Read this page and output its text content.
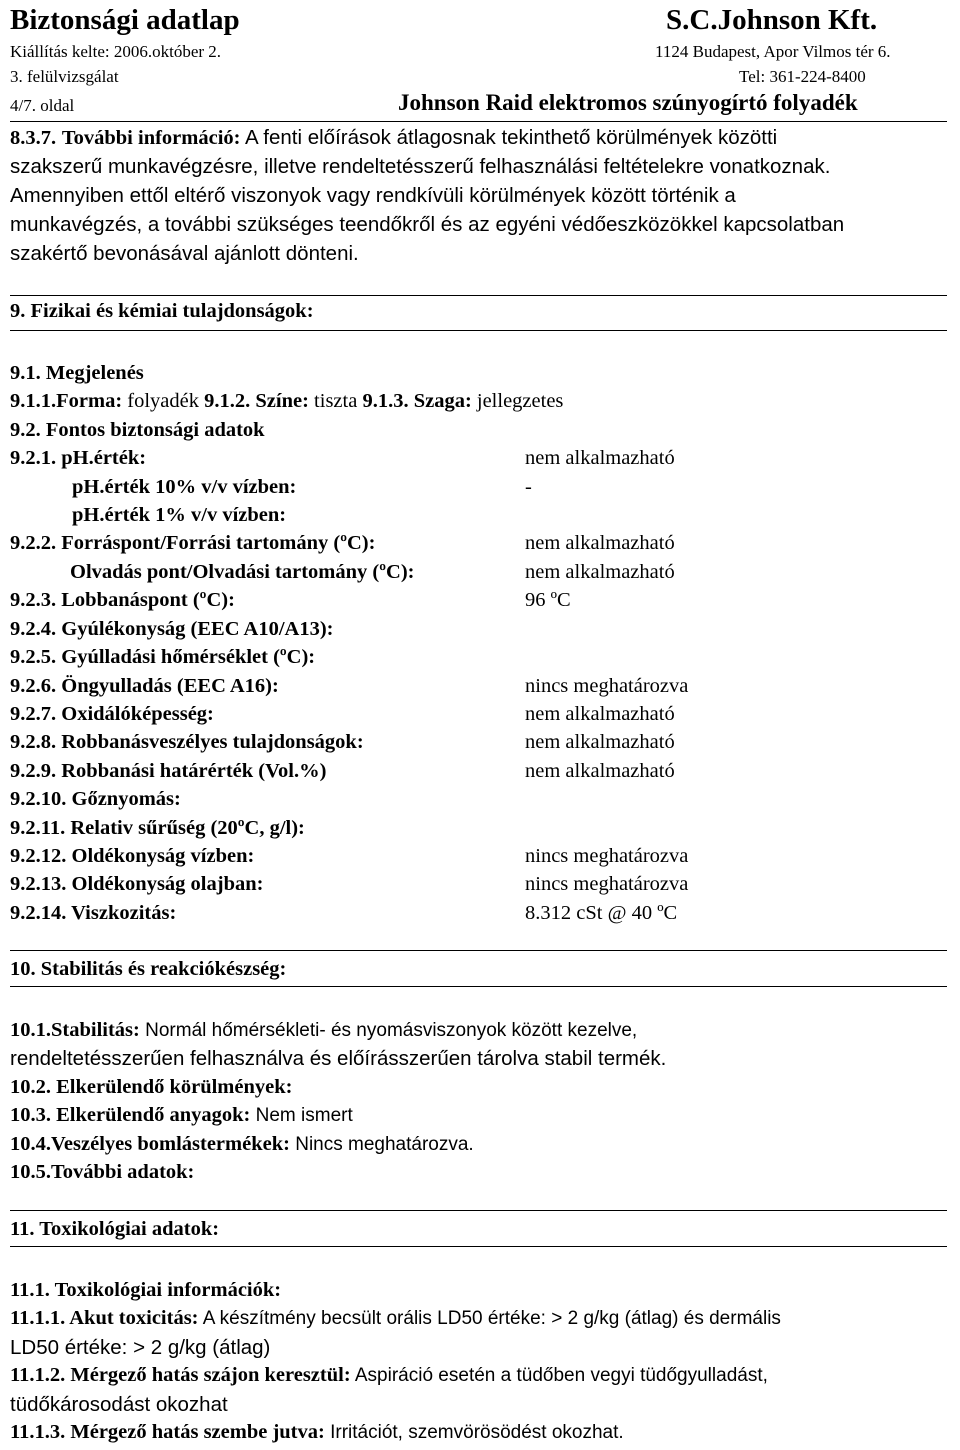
Biztonsági adatlap	S.C.Johnson Kft.
Kiállítás kelte: 2006.október 2.	1124 Budapest, Apor Vilmos tér 6.
3. felülvizsgálat	Tel: 361-224-8400
4/7. oldal	Johnson Raid elektromos szúnyogírtó folyadék
8.3.7. További információ: A fenti előírások átlagosnak tekinthető körülmények közötti
szakszerű munkavégzésre, illetve rendeltetésszerű felhasználási feltételekre vonatkoznak.
Amennyiben ettől eltérő viszonyok vagy rendkívüli körülmények között történik a
munkavégzés, a további szükséges teendőkről és az egyéni védőeszközökkel kapcsolatban
szakértő bevonásával ajánlott dönteni.
9. Fizikai és kémiai tulajdonságok:
9.1. Megjelenés
9.1.1.Forma: folyadék 9.1.2. Színe: tiszta 9.1.3. Szaga: jellegzetes
9.2. Fontos biztonsági adatok
9.2.1. pH.érték:	nem alkalmazható
pH.érték 10% v/v vízben:	-
pH.érték 1% v/v vízben:
9.2.2. Forráspont/Forrási tartomány (ºC):	nem alkalmazható
Olvadás pont/Olvadási tartomány (ºC):	nem alkalmazható
9.2.3. Lobbanáspont (ºC):	96 ºC
9.2.4. Gyúlékonyság (EEC A10/A13):
9.2.5. Gyúlladási hőmérséklet (ºC):
9.2.6. Öngyulladás (EEC A16):	nincs meghatározva
9.2.7. Oxidálóképesség:	nem alkalmazható
9.2.8. Robbanásveszélyes tulajdonságok:	nem alkalmazható
9.2.9. Robbanási határérték (Vol.%)	nem alkalmazható
9.2.10. Gőznyomás:
9.2.11. Relativ sűrűség (20ºC, g/l):
9.2.12. Oldékonyság vízben:	nincs meghatározva
9.2.13. Oldékonyság olajban:	nincs meghatározva
9.2.14. Viszkozitás:	8.312 cSt @ 40 ºC
10. Stabilitás és reakciókészség:
10.1.Stabilitás: Normál hőmérsékleti- és nyomásviszonyok között kezelve,
rendeltetésszerűen felhasználva és előírásszerűen tárolva stabil termék.
10.2. Elkerülendő körülmények:
10.3. Elkerülendő anyagok: Nem ismert
10.4.Veszélyes bomlástermékek: Nincs meghatározva.
10.5.További adatok:
11. Toxikológiai adatok:
11.1. Toxikológiai információk:
11.1.1. Akut toxicitás: A készítmény becsült orális LD50 értéke: > 2 g/kg (átlag) és dermális
LD50 értéke: > 2 g/kg (átlag)
11.1.2. Mérgező hatás szájon keresztül: Aspiráció esetén a tüdőben vegyi tüdőgyulladást,
tüdőkárosodást okozhat
11.1.3. Mérgező hatás szembe jutva: Irritációt, szemvörösödést okozhat.
